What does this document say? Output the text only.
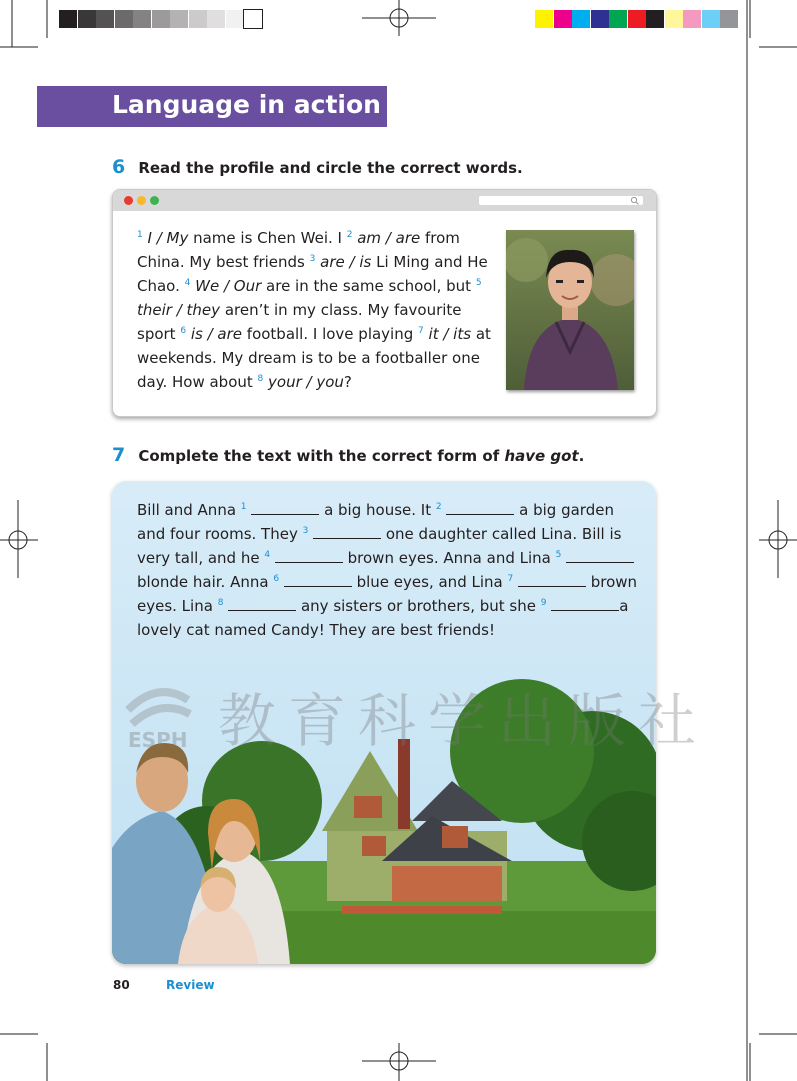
Language in action
6 Read the profile and circle the correct words.
$^1$ I / My name is Chen Wei. I $^2$ am / are from China. My best friends $^3$ are / is Li Ming and He Chao. $^4$ We / Our are in the same school, but $^5$ their / they aren’t in my class. My favourite sport $^6$ is / are football. I love playing $^7$ it / its at weekends. My dream is to be a footballer one day. How about $^8$ your / you?
7 Complete the text with the correct form of have got.
Bill and Anna $^1$	a big house. It $^2$	a big garden and four rooms. They $^3$	one daughter called Lina. Bill is very tall, and he $^4$	brown eyes. Anna and Lina $^5$  blonde hair. Anna $^6$	blue eyes, and Lina $^7$	brown eyes. Lina $^8$	any sisters or brothers, but she $^9$	a lovely cat named Candy! They are best friends!
ESPH 教育科学出版社
80	Review
